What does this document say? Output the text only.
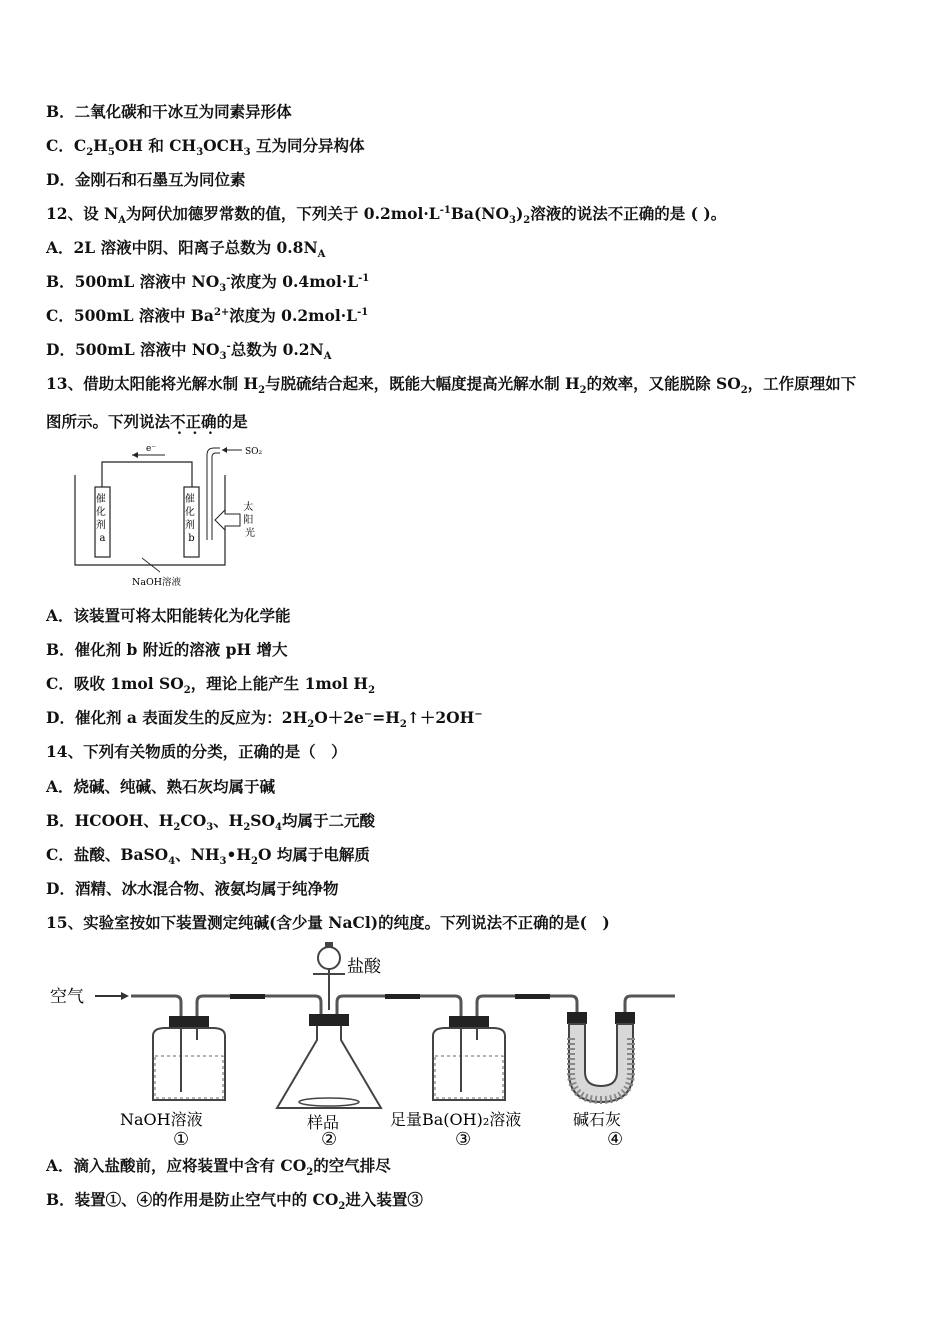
B．二氧化碳和干冰互为同素异形体
C．$C_2H_5OH$ 和 $CH_3OCH_3$ 互为同分异构体
D．金刚石和石墨互为同位素
12、设 $N_A$为阿伏加德罗常数的值，下列关于 $0.2mol\cdot L^{-1}Ba(NO_3)_2$溶液的说法不正确的是 ( )。
A．2L 溶液中阴、阳离子总数为 $0.8N_A$
B．500mL 溶液中 $NO_3^-$浓度为 $0.4mol\cdot L^{-1}$
C．500mL 溶液中 $Ba^{2+}$浓度为 $0.2mol\cdot L^{-1}$
D．500mL 溶液中 $NO_3^-$总数为 $0.2N_A$
13、借助太阳能将光解水制 $H_2$与脱硫结合起来，既能大幅度提高光解水制 $H_2$的效率，又能脱除 $SO_2$，工作原理如下
图所示。下列说法不正确的是
e⁻
催 化 剂 a
催 化 剂 b
SO₂
太 阳 光
NaOH溶液
A．该装置可将太阳能转化为化学能
B．催化剂 b 附近的溶液 pH 增大
C．吸收 1mol $SO_2$，理论上能产生 1mol $H_2$
D．催化剂 a 表面发生的反应为：$2H_2O+2e^-=H_2↑+2OH^-$
14、下列有关物质的分类，正确的是（　）
A．烧碱、纯碱、熟石灰均属于碱
B．HCOOH、$H_2CO_3$、$H_2SO_4$均属于二元酸
C．盐酸、BaSO$_4$、$NH_3•H_2O$ 均属于电解质
D．酒精、冰水混合物、液氨均属于纯净物
15、实验室按如下装置测定纯碱(含少量 NaCl)的纯度。下列说法不正确的是(　)
空气
盐酸
NaOH溶液	样品	足量Ba(OH)₂溶液	碱石灰
①	②	③	④
A．滴入盐酸前，应将装置中含有 $CO_2$的空气排尽
B．装置①、④的作用是防止空气中的 $CO_2$进入装置③
